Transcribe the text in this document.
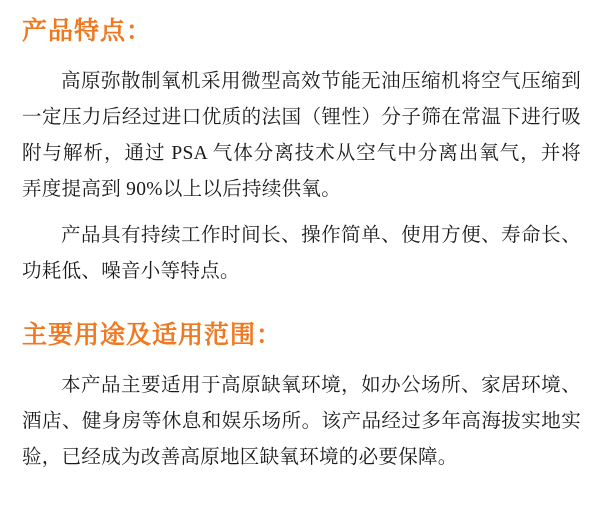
产品特点：

高原弥散制氧机采用微型高效节能无油压缩机将空气压缩到一定压力后经过进口优质的法国（锂性）分子筛在常温下进行吸附与解析，通过 PSA 气体分离技术从空气中分离出氧气，并将弄度提高到 90%以上以后持续供氧。

产品具有持续工作时间长、操作简单、使用方便、寿命长、功耗低、噪音小等特点。

主要用途及适用范围：

本产品主要适用于高原缺氧环境，如办公场所、家居环境、酒店、健身房等休息和娱乐场所。该产品经过多年高海拔实地实验，已经成为改善高原地区缺氧环境的必要保障。
